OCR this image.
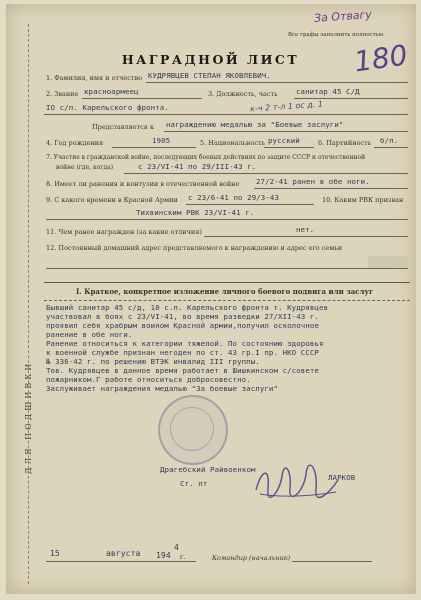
За Отвагу
Все графы заполнить полностью
180
НАГРАДНОЙ ЛИСТ
ДЛЯ ПОДШИВКИ
1. Фамилия, имя и отчество КУДРЯВЦЕВ СТЕПАН ЯКОВЛЕВИЧ.
2. Звание красноармеец	3. Должность, часть санитар 45 С/Д
IO с/п. Карельского фронта.	к-ч 2 т-л 1 ос д. 1
Представляется к награждению медалью за "Боевые заслуги"
4. Год рождения	1905	5. Национальность русский	6. Партийность б/п.
7. Участие в гражданской войне, последующих боевых действиях по защите СССР и отечественной
войне (где, когда)	с 23/VI-41 по 29/III-43 г.
8. Имеет ли ранения и контузии в отечественной войне 27/2-41 ранен в обе ноги.
9. С какого времени в Красной Армии с 23/6-41 по 29/3-43	10. Каким РВК призван
Тихвинским РВК 23/VI-41 г.
11. Чем ранее награжден (за какие отличия)	нет.
12. Постоянный домашний адрес представляемого к награждению и адрес его семьи
I. Краткое, конкретное изложение личного боевого подвига или заслуг
Бывший санитар 45 с/д, 10 с.п. Карельского фронта т. Кудрявцев
участвовал в боях с 23/VI-41, во время разведки 27/XII-43 г.
проявил себя храбрым воином Красной армии,получил осколочное
ранение в обе ноги.
Ранение относиться к категории тяжелой. По состоянию здоровья
к военной службе признан негоден по ст. 43 гр.I пр. НКО СССР
№ 336-42 г. по решению ВТЭК инвалид III группы.
Тов. Кудрявцев в данное время работает в Шишкинском с/совете
пожарником.Г работе относиться добросовестно.
Заслуживает награждения медалью "За боевые заслуги"
Драгебский Райвоенком
Ст. лт
ЛАРКОВ
15	августа 194
4
г.	Командир (начальник)
